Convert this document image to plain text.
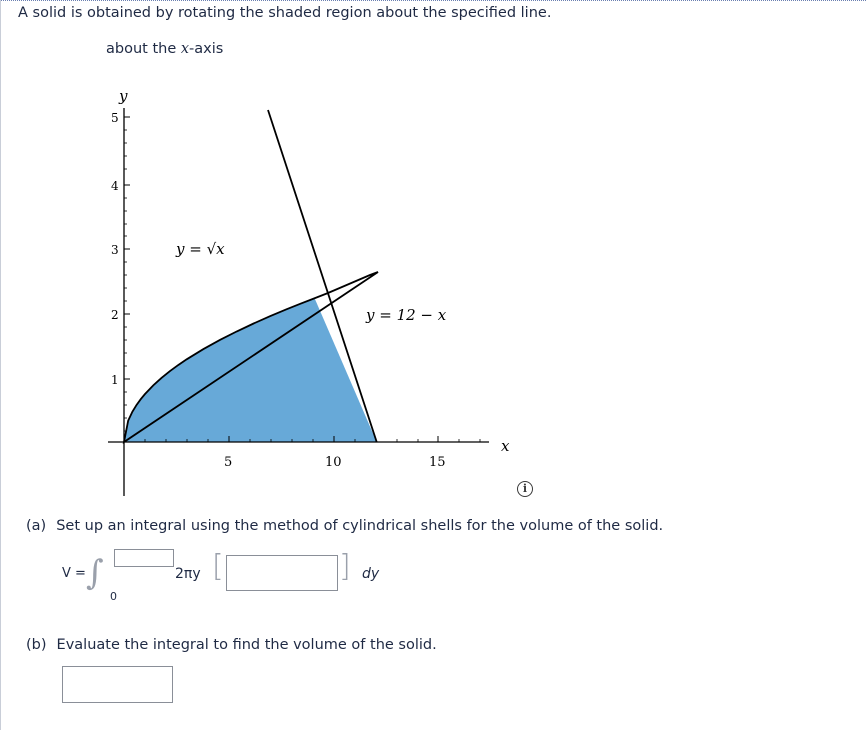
A solid is obtained by rotating the shaded region about the specified line.
about the x-axis
y
x
5
4
3
2
1
5	10	15
y = √x
y = 12 − x
i
(a) Set up an integral using the method of cylindrical shells for the volume of the solid.
V = ∫
0
2πy [	] dy
(b) Evaluate the integral to find the volume of the solid.
